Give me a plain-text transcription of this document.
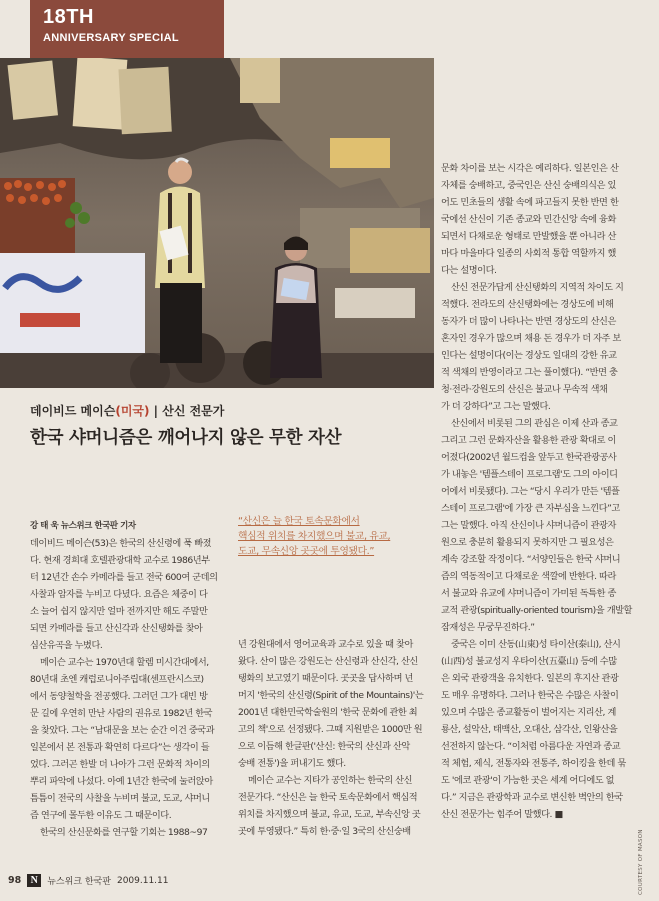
18TH
ANNIVERSARY SPECIAL
데이비드 메이슨(미국) | 산신 전문가
한국 샤머니즘은 깨어나지 않은 무한 자산

강 태 욱 뉴스위크 한국판 기자

데이비드 메이슨(53)은 한국의 산신령에 푹 빠졌

다. 현재 경희대 호텔관광대학 교수로 1986년부

터 12년간 손수 카메라를 들고 전국 600여 군데의

사찰과 암자를 누비고 다녔다. 요즘은 체중이 다

소 늘어 쉽지 않지만 얼마 전까지만 해도 주말만

되면 카메라를 들고 산신각과 산신탱화를 찾아

심산유곡을 누볐다.

메이슨 교수는 1970년대 할렘 미시간대에서,

80년대 초엔 캐럽로니아주립대(센프란시스코)

에서 동양철학을 전공했다. 그러던 그가 대빈 방

문 길에 우연히 만난 사람의 권유로 1982년 한국

을 찾았다. 그는 “남대문을 보는 순간 이건 중국과

일본에서 본 전통과 확연히 다르다”는 생각이 들

었다. 그러곤 한발 더 나아가 그런 문화적 차이의

뿌리 파악에 나섰다. 아예 1년간 한국에 눌러앉아

틈틈이 전국의 사찰을 누비며 불교, 도교, 샤머니

즘 연구에 몰두한 이유도 그 때문이다.

한국의 산신문화를 연구할 기회는 1988~97

“산신은 늘 한국 토속문화에서
핵심적 위치를 차지했으며 불교, 유교,
도교, 무속신앙 곳곳에 투영됐다.”

년 강원대에서 영어교육과 교수로 있을 때 찾아

왔다. 산이 많은 강원도는 산신령과 산신각, 산신

탱화의 보고였기 때문이다. 곳곳을 답사하며 넌

머지 '한국의 산신령(Spirit of the Mountains)'는

2001년 대한민국학술원의 '한국 문화에 관한 최

고의 책'으로 선정됐다. 그때 지원받은 1000만 원

으로 이듬해 한글판('산신: 한국의 산신과 산악

숭배 전통')을 퍼내기도 했다.

메이슨 교수는 지타가 공인하는 한국의 산신

전문가다. “산신은 늘 한국 토속문화에서 핵심적

위치를 차지했으며 불교, 유교, 도교, 부속신앙 곳

곳에 투영됐다.” 특히 한·중·일 3국의 산신숭배

문화 차이를 보는 시각은 예리하다. 일본인은 산

자체를 숭배하고, 중국인은 산신 숭배의식은 있

어도 민초들의 생활 속에 파고들지 못한 반면 한

국에선 산신이 기존 종교와 민간신앙 속에 융화

되면서 다채로운 형태로 만발했을 뿐 아니라 산

마다 마을마다 일종의 사회적 통합 역할까지 했

다는 설명이다.

산신 전문가답게 산신탱화의 지역적 차이도 지

적했다. 전라도의 산신탱화에는 경상도에 비해

동자가 더 많이 나타나는 반면 경상도의 산신은

혼자인 경우가 많으며 채용 돈 경우가 더 자주 보

인다는 설명이다(이는 경상도 일대의 강한 유교

적 색채의 반영이라고 그는 풀이했다). “반면 충

청·전라·강원도의 산신은 불교나 무속적 색채

가 더 강하다”고 그는 말했다.

산신에서 비롯된 그의 관심은 이제 산과 종교

그리고 그런 문화자산을 활용한 관광 확대로 이

어졌다(2002년 월드컵을 앞두고 한국관광공사

가 내놓은 '템플스테이 프로그램'도 그의 아이디

어에서 비롯됐다). 그는 “당시 우리가 만든 '템플

스테이 프로그램'에 가장 큰 자부심을 느낀다”고

그는 말했다. 아직 산신이나 샤머니즘이 관광자

원으로 충분히 활용되지 못하지만 그 필요성은

계속 강조할 작정이다. “서양인들은 한국 샤머니

즘의 역동적이고 다채로운 색깔에 반한다. 따라

서 불교와 유교에 샤머니즘이 가미된 독특한 종

교적 관광(spiritually-oriented tourism)을 개발할

잠재성은 무궁무진하다.”

중국은 이미 산동(山東)성 타이산(泰山), 산시

(山西)성 불교성지 우타이산(五臺山) 등에 수많

은 외국 관광객을 유치한다. 일본의 후지산 관광

도 매우 유명하다. 그러나 한국은 수많은 사찰이

있으며 수많은 종교활동이 벌어지는 지리산, 계

룡산, 설악산, 태백산, 오대산, 삼각산, 인왕산을

선전하지 않는다. “이처럼 아름다운 자연과 종교

적 체험, 제식, 전통자와 전통주, 하이킹을 한데 묶

도 '에코 관광'이 가능한 곳은 세계 어디에도 없

다.” 지금은 관광학과 교수로 변신한 벽안의 한국

산신 전문가는 힘주어 말했다. ■

COURTESY OF MASON
98 N	뉴스위크 한국판 2009.11.11
